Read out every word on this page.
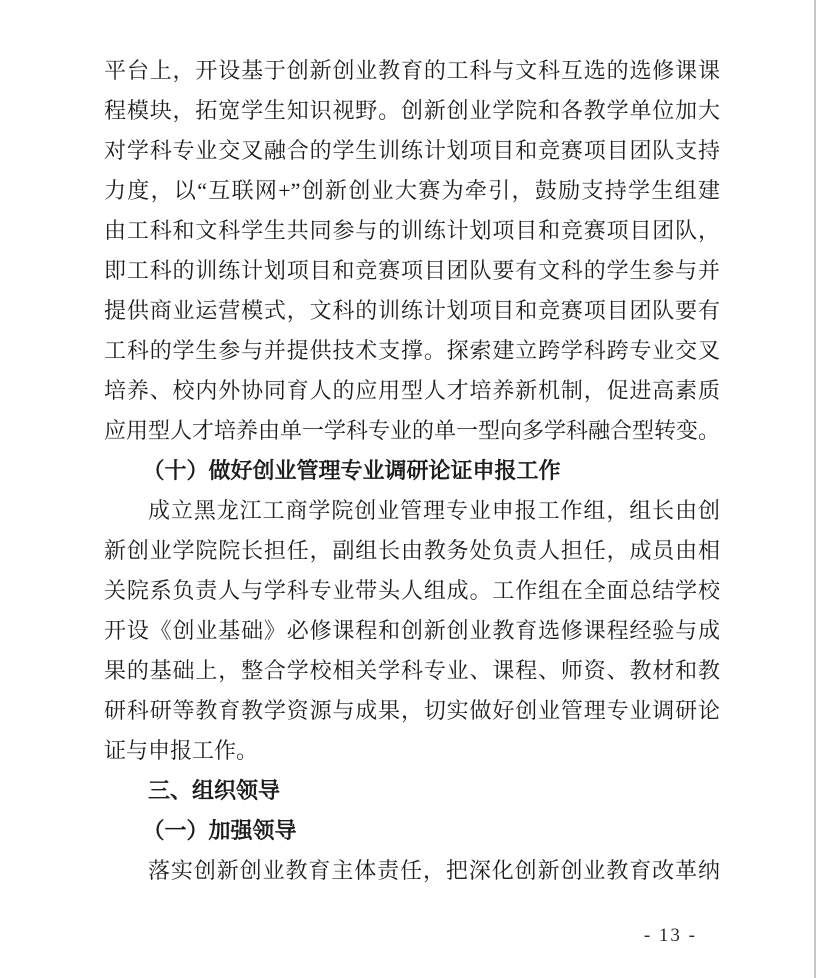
平台上，开设基于创新创业教育的工科与文科互选的选修课课
程模块，拓宽学生知识视野。创新创业学院和各教学单位加大
对学科专业交叉融合的学生训练计划项目和竞赛项目团队支持
力度，以“互联网+”创新创业大赛为牵引，鼓励支持学生组建
由工科和文科学生共同参与的训练计划项目和竞赛项目团队，
即工科的训练计划项目和竞赛项目团队要有文科的学生参与并
提供商业运营模式，文科的训练计划项目和竞赛项目团队要有
工科的学生参与并提供技术支撑。探索建立跨学科跨专业交叉
培养、校内外协同育人的应用型人才培养新机制，促进高素质
应用型人才培养由单一学科专业的单一型向多学科融合型转变。
（十）做好创业管理专业调研论证申报工作
成立黑龙江工商学院创业管理专业申报工作组，组长由创
新创业学院院长担任，副组长由教务处负责人担任，成员由相
关院系负责人与学科专业带头人组成。工作组在全面总结学校
开设《创业基础》必修课程和创新创业教育选修课程经验与成
果的基础上，整合学校相关学科专业、课程、师资、教材和教
研科研等教育教学资源与成果，切实做好创业管理专业调研论
证与申报工作。
三、组织领导
（一）加强领导
落实创新创业教育主体责任，把深化创新创业教育改革纳
- 13 -
